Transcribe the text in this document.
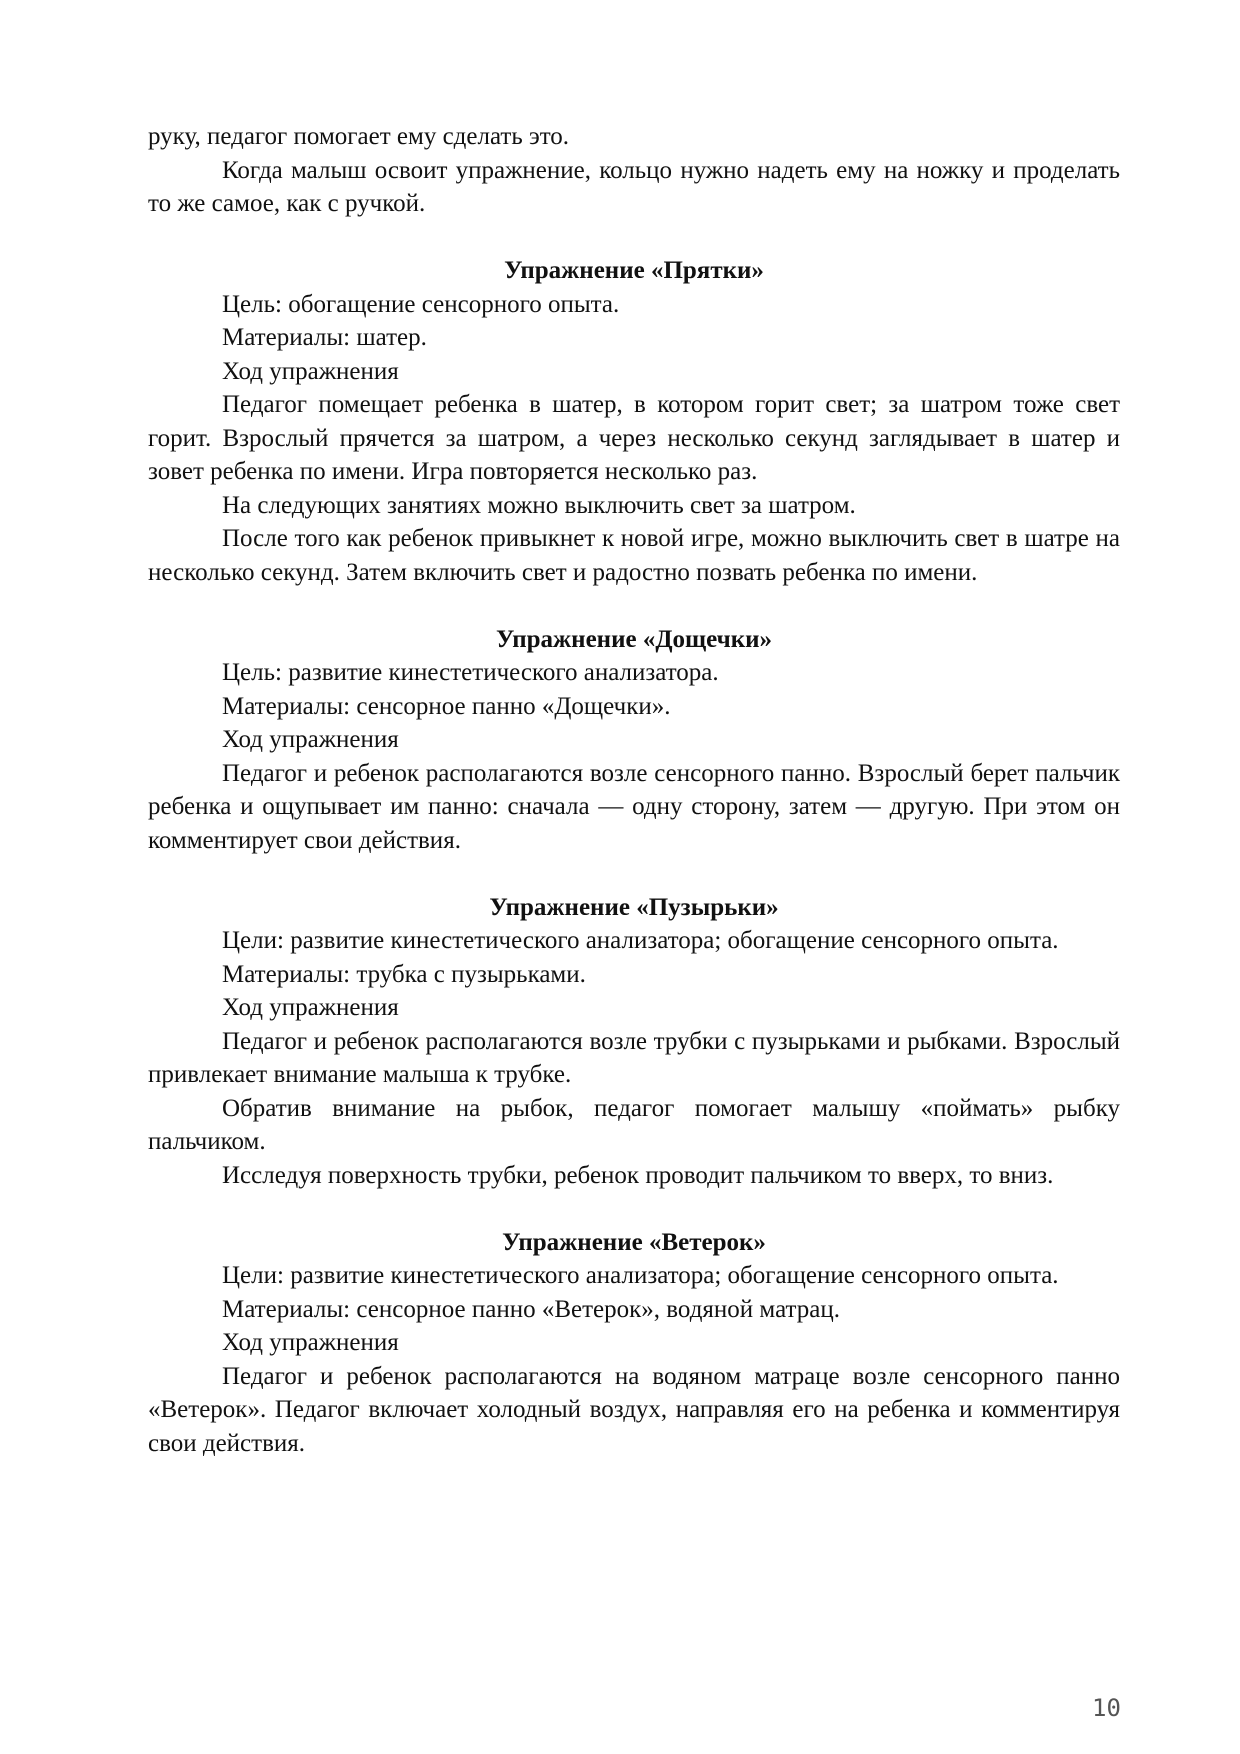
руку, педагог помогает ему сделать это.

Когда малыш освоит упражнение, кольцо нужно надеть ему на ножку и проделать то же самое, как с ручкой.

Упражнение «Прятки»

Цель: обогащение сенсорного опыта.

Материалы: шатер.

Ход упражнения

Педагог помещает ребенка в шатер, в котором горит свет; за шатром тоже свет горит. Взрослый прячется за шатром, а через несколько секунд заглядывает в шатер и зовет ребенка по имени. Игра повторяется несколько раз.

На следующих занятиях можно выключить свет за шатром.

После того как ребенок привыкнет к новой игре, можно выключить свет в шатре на несколько секунд. Затем включить свет и радостно позвать ребенка по имени.

Упражнение «Дощечки»

Цель: развитие кинестетического анализатора.

Материалы: сенсорное панно «Дощечки».

Ход упражнения

Педагог и ребенок располагаются возле сенсорного панно. Взрослый берет пальчик ребенка и ощупывает им панно: сначала — одну сторону, затем — другую. При этом он комментирует свои действия.

Упражнение «Пузырьки»

Цели: развитие кинестетического анализатора; обогащение сенсорного опыта.

Материалы: трубка с пузырьками.

Ход упражнения

Педагог и ребенок располагаются возле трубки с пузырьками и рыбками. Взрослый привлекает внимание малыша к трубке.

Обратив внимание на рыбок, педагог помогает малышу «поймать» рыбку пальчиком.

Исследуя поверхность трубки, ребенок проводит пальчиком то вверх, то вниз.

Упражнение «Ветерок»

Цели: развитие кинестетического анализатора; обогащение сенсорного опыта.

Материалы: сенсорное панно «Ветерок», водяной матрац.

Ход упражнения

Педагог и ребенок располагаются на водяном матраце возле сенсорного панно «Ветерок». Педагог включает холодный воздух, направляя его на ребенка и комментируя свои действия.

10
